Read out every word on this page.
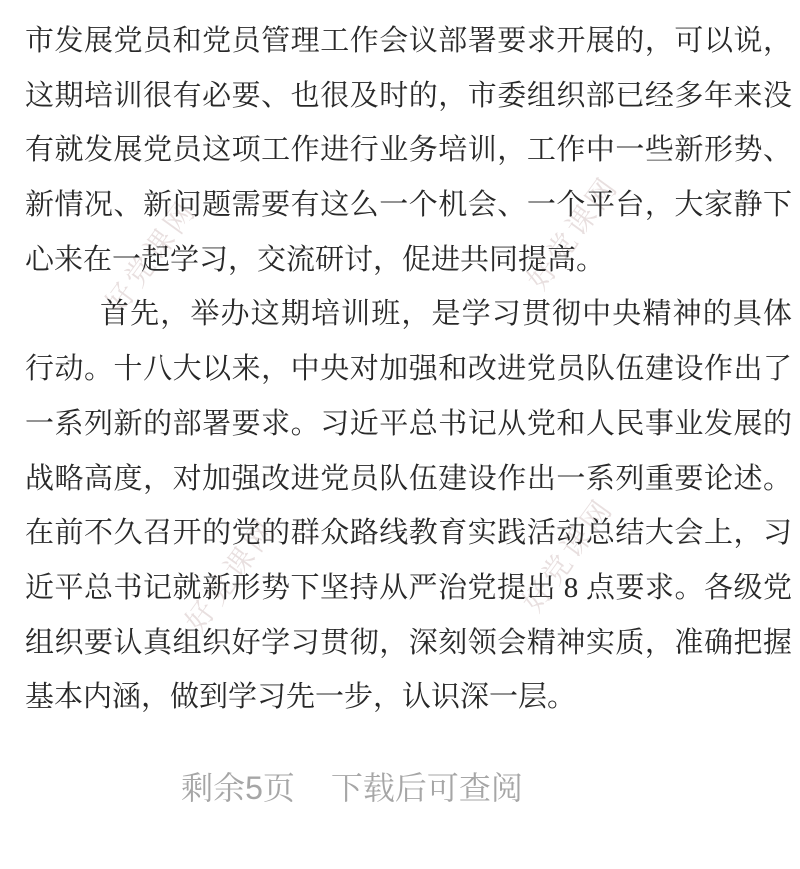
好党课网	好党课网
好党课网	好党课网
市发展党员和党员管理工作会议部署要求开展的，可以说，
这期培训很有必要、也很及时的，市委组织部已经多年来没
有就发展党员这项工作进行业务培训，工作中一些新形势、
新情况、新问题需要有这么一个机会、一个平台，大家静下
心来在一起学习，交流研讨，促进共同提高。
首先，举办这期培训班，是学习贯彻中央精神的具体
行动。十八大以来，中央对加强和改进党员队伍建设作出了
一系列新的部署要求。习近平总书记从党和人民事业发展的
战略高度，对加强改进党员队伍建设作出一系列重要论述。
在前不久召开的党的群众路线教育实践活动总结大会上，习
近平总书记就新形势下坚持从严治党提出 8 点要求。各级党
组织要认真组织好学习贯彻，深刻领会精神实质，准确把握
基本内涵，做到学习先一步，认识深一层。
剩余5页 下载后可查阅
